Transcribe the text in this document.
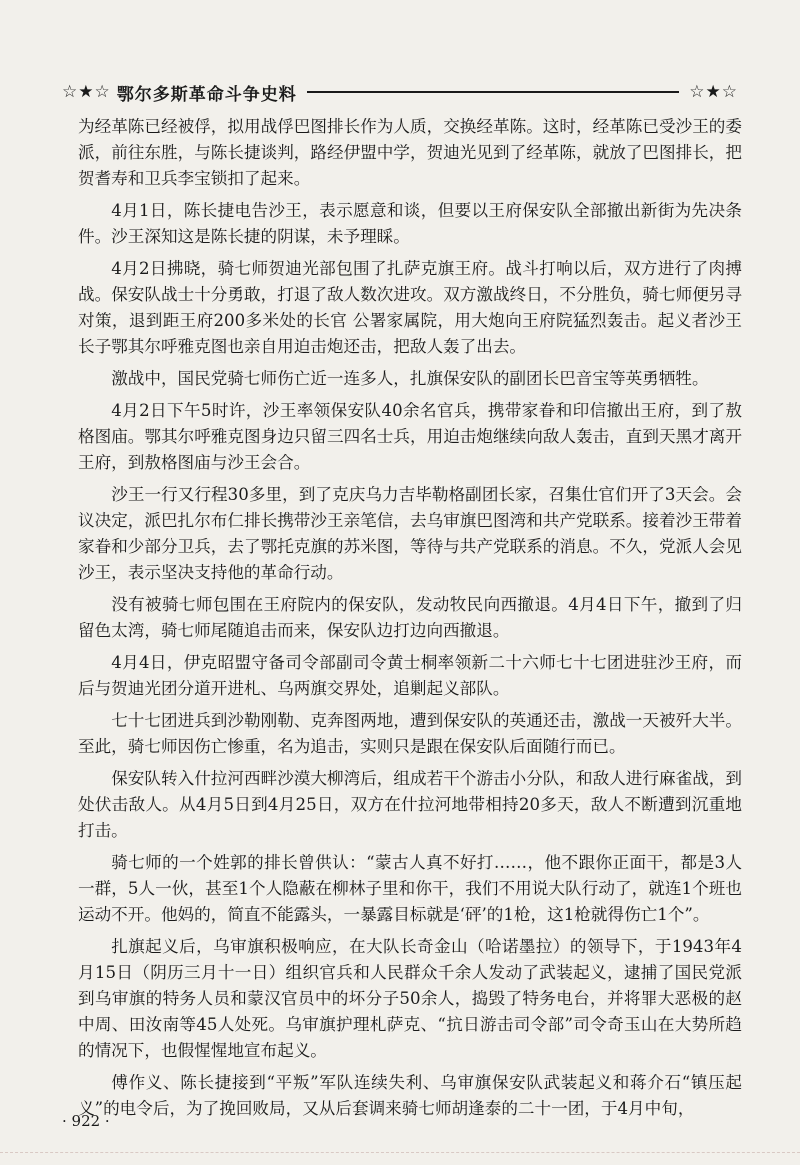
☆★☆ 鄂尔多斯革命斗争史料	☆★☆

为经革陈已经被俘，拟用战俘巴图排长作为人质，交换经革陈。这时，经革陈已受沙王的委派，前往东胜，与陈长捷谈判，路经伊盟中学，贺迪光见到了经革陈，就放了巴图排长，把贺耆寿和卫兵李宝锁扣了起来。

4月1日，陈长捷电告沙王，表示愿意和谈，但要以王府保安队全部撤出新街为先决条件。沙王深知这是陈长捷的阴谋，未予理睬。

4月2日拂晓，骑七师贺迪光部包围了扎萨克旗王府。战斗打响以后，双方进行了肉搏战。保安队战士十分勇敢，打退了敌人数次进攻。双方激战终日，不分胜负，骑七师便另寻对策，退到距王府200多米处的长官 公署家属院，用大炮向王府院猛烈轰击。起义者沙王长子鄂其尔呼雅克图也亲自用迫击炮还击，把敌人轰了出去。

激战中，国民党骑七师伤亡近一连多人，扎旗保安队的副团长巴音宝等英勇牺牲。

4月2日下午5时许，沙王率领保安队40余名官兵，携带家眷和印信撤出王府，到了敖格图庙。鄂其尔呼雅克图身边只留三四名士兵，用迫击炮继续向敌人轰击，直到天黑才离开王府，到敖格图庙与沙王会合。

沙王一行又行程30多里，到了克庆乌力吉毕勒格副团长家，召集仕官们开了3天会。会议决定，派巴扎尔布仁排长携带沙王亲笔信，去乌审旗巴图湾和共产党联系。接着沙王带着家眷和少部分卫兵，去了鄂托克旗的苏米图，等待与共产党联系的消息。不久，党派人会见沙王，表示坚决支持他的革命行动。

没有被骑七师包围在王府院内的保安队，发动牧民向西撤退。4月4日下午，撤到了归留色太湾，骑七师尾随追击而来，保安队边打边向西撤退。

4月4日，伊克昭盟守备司令部副司令黄士桐率领新二十六师七十七团进驻沙王府，而后与贺迪光团分道开进札、乌两旗交界处，追剿起义部队。

七十七团进兵到沙勒刚勒、克奔图两地，遭到保安队的英通还击，激战一天被歼大半。至此，骑七师因伤亡惨重，名为追击，实则只是跟在保安队后面随行而已。

保安队转入什拉河西畔沙漠大柳湾后，组成若干个游击小分队，和敌人进行麻雀战，到处伏击敌人。从4月5日到4月25日，双方在什拉河地带相持20多天，敌人不断遭到沉重地打击。

骑七师的一个姓郭的排长曾供认：“蒙古人真不好打……，他不跟你正面干，都是3人一群，5人一伙，甚至1个人隐蔽在柳林子里和你干，我们不用说大队行动了，就连1个班也运动不开。他妈的，简直不能露头，一暴露目标就是‘砰’的1枪，这1枪就得伤亡1个”。

扎旗起义后，乌审旗积极响应，在大队长奇金山（哈诺墨拉）的领导下，于1943年4月15日（阴历三月十一日）组织官兵和人民群众千余人发动了武装起义，逮捕了国民党派到乌审旗的特务人员和蒙汉官员中的坏分子50余人，捣毁了特务电台，并将罪大恶极的赵中周、田汝南等45人处死。乌审旗护理札萨克、“抗日游击司令部”司令奇玉山在大势所趋的情况下，也假惺惺地宣布起义。

傅作义、陈长捷接到“平叛”军队连续失利、乌审旗保安队武装起义和蒋介石“镇压起义”的电令后，为了挽回败局，又从后套调来骑七师胡逢泰的二十一团，于4月中旬，

· 922 ·
